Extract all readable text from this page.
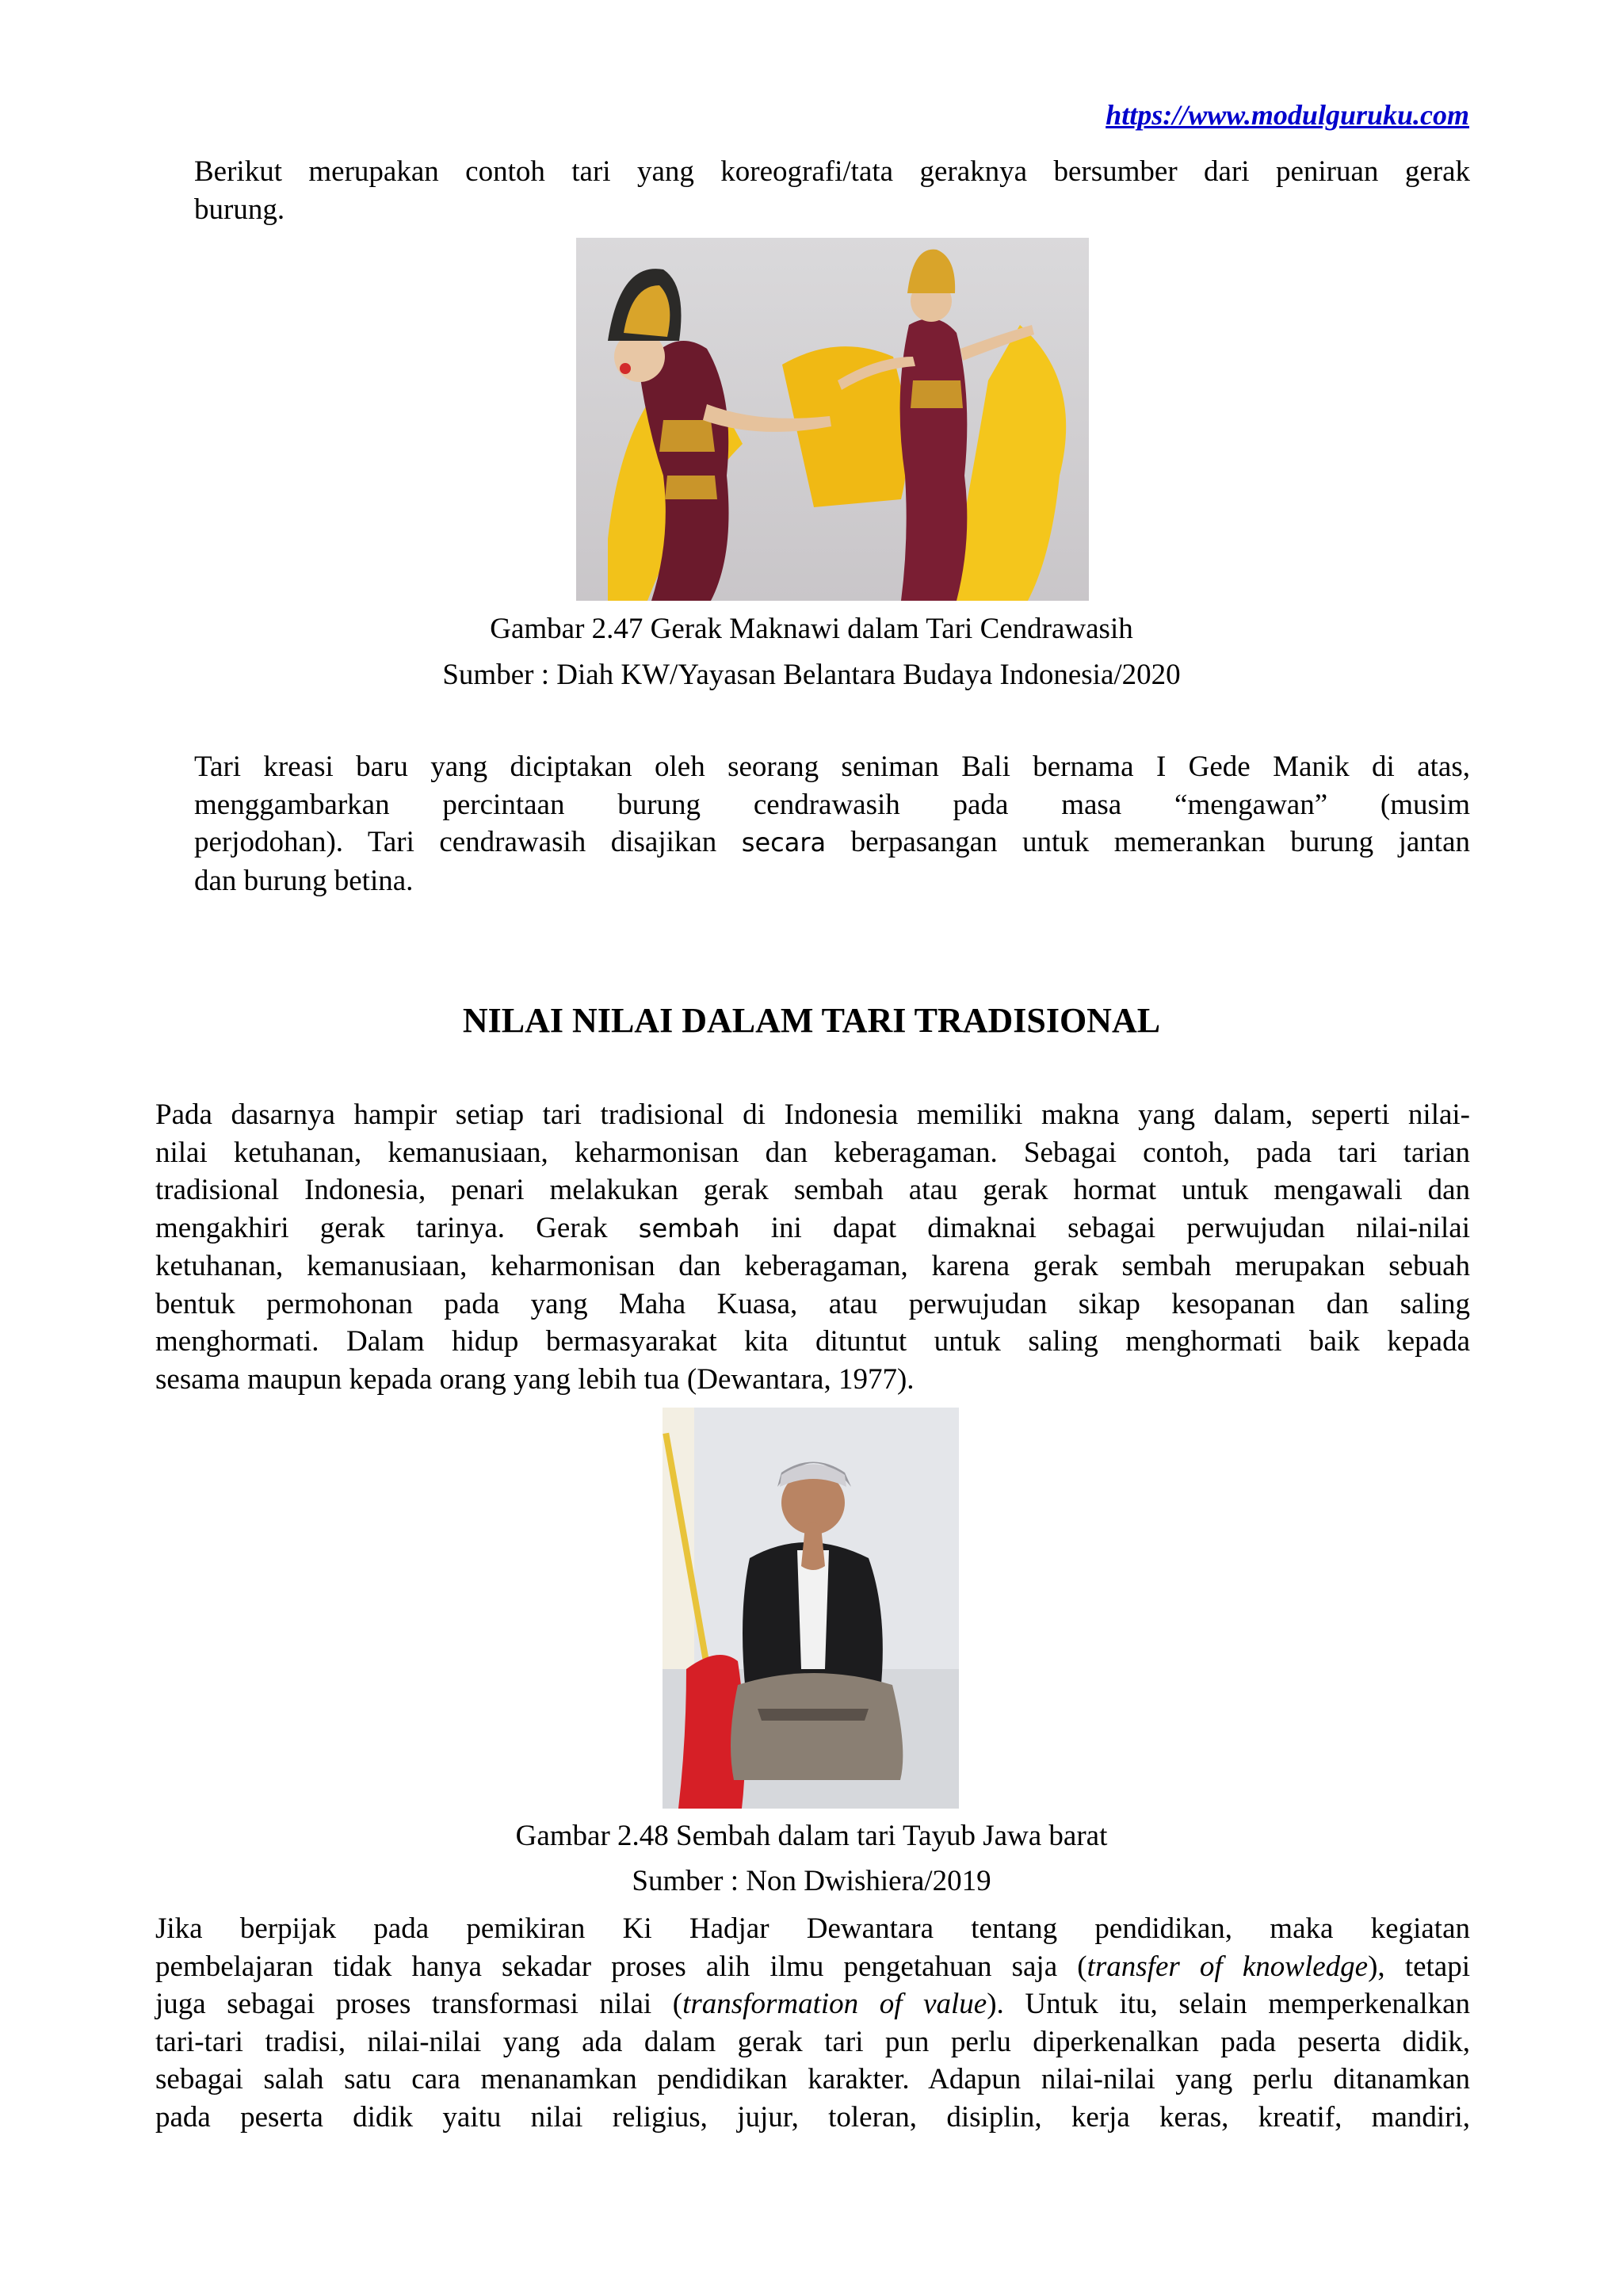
https://www.modulguruku.com
Berikut merupakan contoh tari yang koreografi/tata geraknya bersumber dari peniruan gerak
burung.
Gambar 2.47 Gerak Maknawi dalam Tari Cendrawasih
Sumber : Diah KW/Yayasan Belantara Budaya Indonesia/2020
Tari kreasi baru yang diciptakan oleh seorang seniman Bali bernama I Gede Manik di atas,
menggambarkan percintaan burung cendrawasih pada masa “mengawan” (musim
perjodohan). Tari cendrawasih disajikan secara berpasangan untuk memerankan burung jantan
dan burung betina.
NILAI NILAI DALAM TARI TRADISIONAL
Pada dasarnya hampir setiap tari tradisional di Indonesia memiliki makna yang dalam, seperti nilai-
nilai ketuhanan, kemanusiaan, keharmonisan dan keberagaman. Sebagai contoh, pada tari tarian
tradisional Indonesia, penari melakukan gerak sembah atau gerak hormat untuk mengawali dan
mengakhiri gerak tarinya. Gerak sembah ini dapat dimaknai sebagai perwujudan nilai-nilai
ketuhanan, kemanusiaan, keharmonisan dan keberagaman, karena gerak sembah merupakan sebuah
bentuk permohonan pada yang Maha Kuasa, atau perwujudan sikap kesopanan dan saling
menghormati. Dalam hidup bermasyarakat kita dituntut untuk saling menghormati baik kepada
sesama maupun kepada orang yang lebih tua (Dewantara, 1977).
Gambar 2.48 Sembah dalam tari Tayub Jawa barat
Sumber : Non Dwishiera/2019
Jika berpijak pada pemikiran Ki Hadjar Dewantara tentang pendidikan, maka kegiatan
pembelajaran tidak hanya sekadar proses alih ilmu pengetahuan saja (transfer of knowledge), tetapi
juga sebagai proses transformasi nilai (transformation of value). Untuk itu, selain memperkenalkan
tari-tari tradisi, nilai-nilai yang ada dalam gerak tari pun perlu diperkenalkan pada peserta didik,
sebagai salah satu cara menanamkan pendidikan karakter. Adapun nilai-nilai yang perlu ditanamkan
pada peserta didik yaitu nilai religius, jujur, toleran, disiplin, kerja keras, kreatif, mandiri,
